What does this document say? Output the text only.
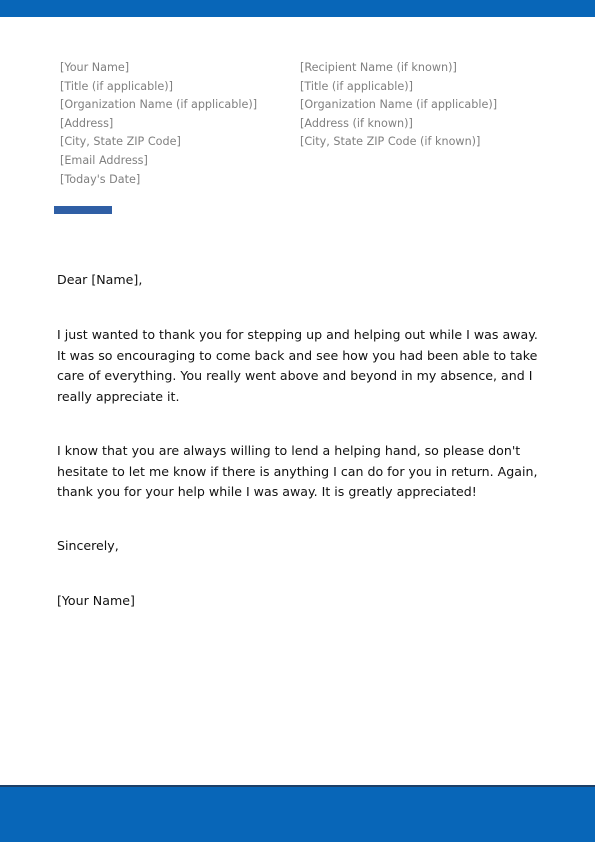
[Your Name]
[Title (if applicable)]
[Organization Name (if applicable)]
[Address]
[City, State ZIP Code]
[Email Address]
[Today's Date]
[Recipient Name (if known)]
[Title (if applicable)]
[Organization Name (if applicable)]
[Address (if known)]
[City, State ZIP Code (if known)]
Dear [Name],

I just wanted to thank you for stepping up and helping out while I was away. It was so encouraging to come back and see how you had been able to take care of everything. You really went above and beyond in my absence, and I really appreciate it.

I know that you are always willing to lend a helping hand, so please don't hesitate to let me know if there is anything I can do for you in return. Again, thank you for your help while I was away. It is greatly appreciated!

Sincerely,
[Your Name]
